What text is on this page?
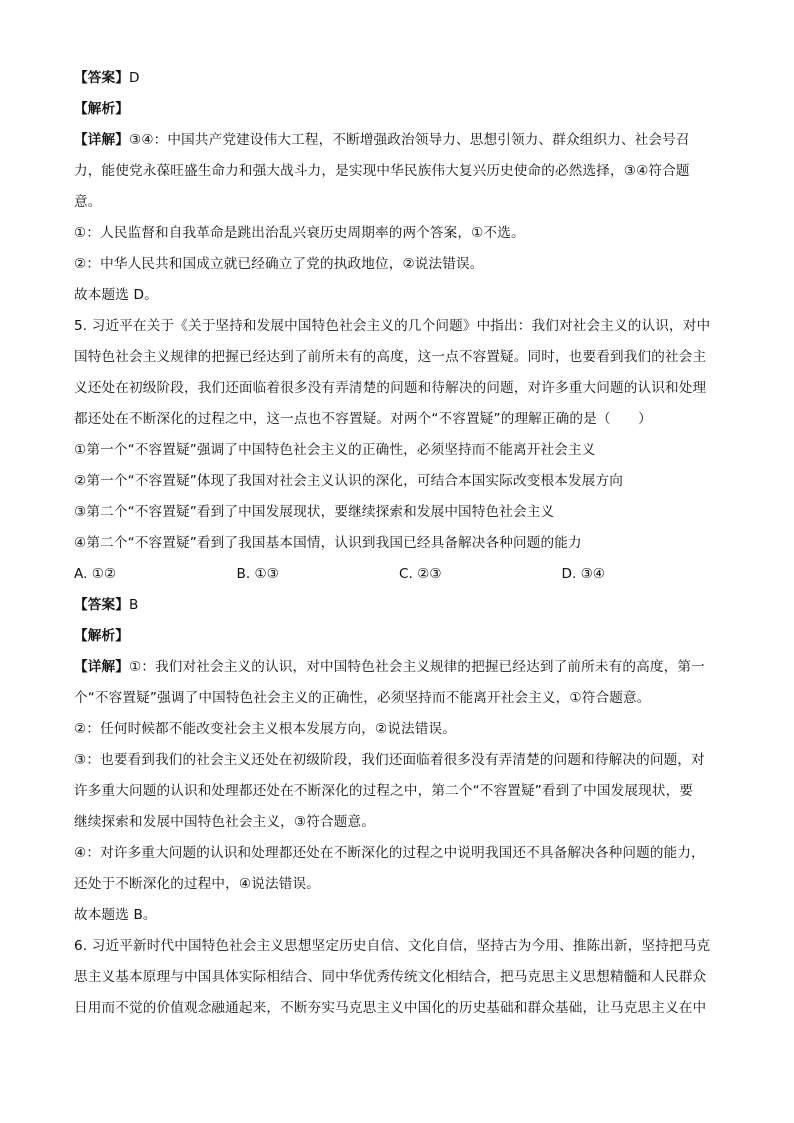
【答案】D
【解析】
【详解】③④：中国共产党建设伟大工程，不断增强政治领导力、思想引领力、群众组织力、社会号召
力，能使党永葆旺盛生命力和强大战斗力，是实现中华民族伟大复兴历史使命的必然选择，③④符合题
意。
①：人民监督和自我革命是跳出治乱兴衰历史周期率的两个答案，①不选。
②：中华人民共和国成立就已经确立了党的执政地位，②说法错误。
故本题选 D。
5. 习近平在关于《关于坚持和发展中国特色社会主义的几个问题》中指出：我们对社会主义的认识，对中
国特色社会主义规律的把握已经达到了前所未有的高度，这一点不容置疑。同时，也要看到我们的社会主
义还处在初级阶段，我们还面临着很多没有弄清楚的问题和待解决的问题，对许多重大问题的认识和处理
都还处在不断深化的过程之中，这一点也不容置疑。对两个“不容置疑”的理解正确的是（　　）
①第一个“不容置疑”强调了中国特色社会主义的正确性，必须坚持而不能离开社会主义
②第一个“不容置疑”体现了我国对社会主义认识的深化，可结合本国实际改变根本发展方向
③第二个“不容置疑”看到了中国发展现状，要继续探索和发展中国特色社会主义
④第二个“不容置疑”看到了我国基本国情，认识到我国已经具备解决各种问题的能力
A. ①②	B. ①③	C. ②③	D. ③④
【答案】B
【解析】
【详解】①：我们对社会主义的认识，对中国特色社会主义规律的把握已经达到了前所未有的高度，第一
个“不容置疑”强调了中国特色社会主义的正确性，必须坚持而不能离开社会主义，①符合题意。
②：任何时候都不能改变社会主义根本发展方向，②说法错误。
③：也要看到我们的社会主义还处在初级阶段，我们还面临着很多没有弄清楚的问题和待解决的问题，对
许多重大问题的认识和处理都还处在不断深化的过程之中，第二个“不容置疑”看到了中国发展现状，要
继续探索和发展中国特色社会主义，③符合题意。
④：对许多重大问题的认识和处理都还处在不断深化的过程之中说明我国还不具备解决各种问题的能力，
还处于不断深化的过程中，④说法错误。
故本题选 B。
6. 习近平新时代中国特色社会主义思想坚定历史自信、文化自信，坚持古为今用、推陈出新，坚持把马克
思主义基本原理与中国具体实际相结合、同中华优秀传统文化相结合，把马克思主义思想精髓和人民群众
日用而不觉的价值观念融通起来，不断夯实马克思主义中国化的历史基础和群众基础，让马克思主义在中
